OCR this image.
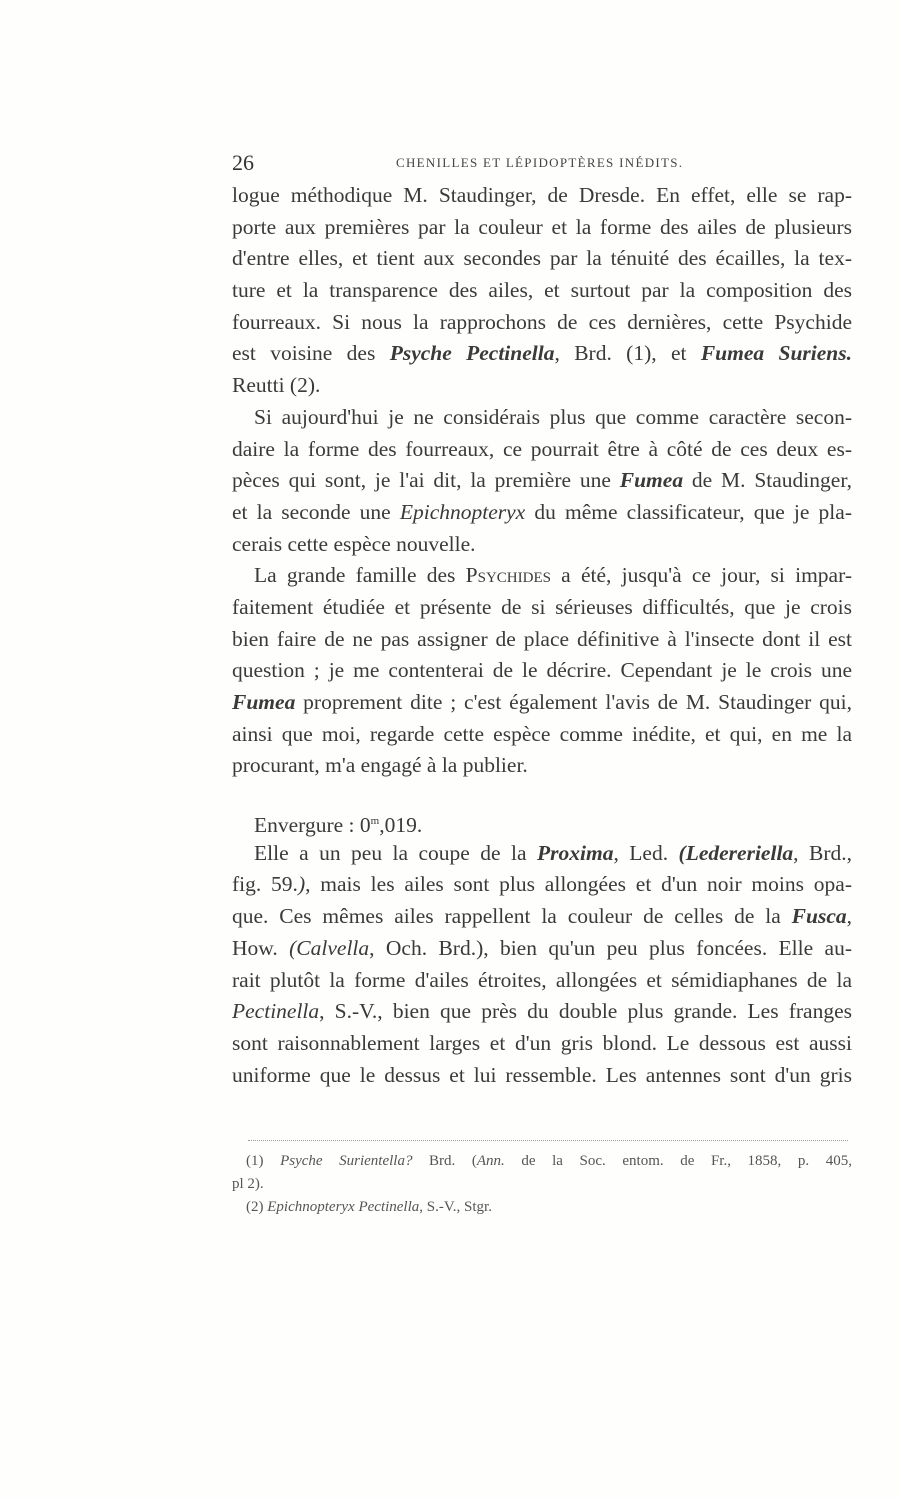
26	CHENILLES ET LÉPIDOPTÈRES INÉDITS.
logue méthodique M. Staudinger, de Dresde. En effet, elle se rap-
porte aux premières par la couleur et la forme des ailes de plusieurs
d'entre elles, et tient aux secondes par la ténuité des écailles, la tex-
ture et la transparence des ailes, et surtout par la composition des
fourreaux. Si nous la rapprochons de ces dernières, cette Psychide
est voisine des Psyche Pectinella, Brd. (1), et Fumea Suriens.
Reutti (2).
Si aujourd'hui je ne considérais plus que comme caractère secon-
daire la forme des fourreaux, ce pourrait être à côté de ces deux es-
pèces qui sont, je l'ai dit, la première une Fumea de M. Staudinger,
et la seconde une Epichnopteryx du même classificateur, que je pla-
cerais cette espèce nouvelle.
La grande famille des Psychides a été, jusqu'à ce jour, si impar-
faitement étudiée et présente de si sérieuses difficultés, que je crois
bien faire de ne pas assigner de place définitive à l'insecte dont il est
question ; je me contenterai de le décrire. Cependant je le crois une
Fumea proprement dite ; c'est également l'avis de M. Staudinger qui,
ainsi que moi, regarde cette espèce comme inédite, et qui, en me la
procurant, m'a engagé à la publier.
Envergure : 0$^m$,019.
Elle a un peu la coupe de la Proxima, Led. (Ledereriella, Brd.,
fig. 59.), mais les ailes sont plus allongées et d'un noir moins opa-
que. Ces mêmes ailes rappellent la couleur de celles de la Fusca,
How. (Calvella, Och. Brd.), bien qu'un peu plus foncées. Elle au-
rait plutôt la forme d'ailes étroites, allongées et sémidiaphanes de la
Pectinella, S.-V., bien que près du double plus grande. Les franges
sont raisonnablement larges et d'un gris blond. Le dessous est aussi
uniforme que le dessus et lui ressemble. Les antennes sont d'un gris
(1) Psyche Surientella? Brd. (Ann. de la Soc. entom. de Fr., 1858, p. 405,
pl 2).
(2) Epichnopteryx Pectinella, S.-V., Stgr.
